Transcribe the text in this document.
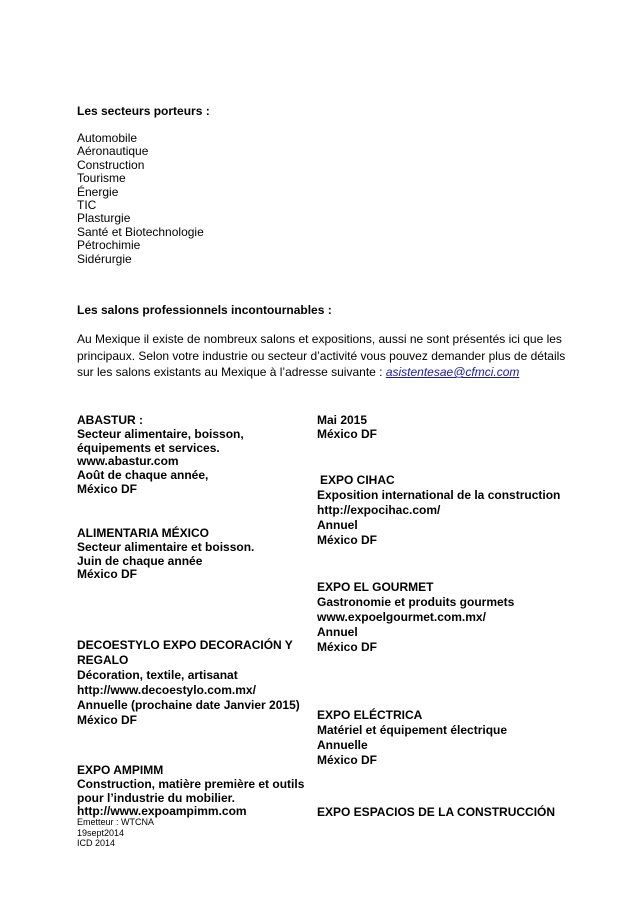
Les secteurs porteurs :
Automobile
Aéronautique
Construction
Tourisme
Énergie
TIC
Plasturgie
Santé et Biotechnologie
Pétrochimie
Sidérurgie
Les salons professionnels incontournables :
Au Mexique il existe de nombreux salons et expositions, aussi ne sont présentés ici que les principaux. Selon votre industrie ou secteur d’activité vous pouvez demander plus de détails sur les salons existants au Mexique à l’adresse suivante : asistentesae@cfmci.com
ABASTUR :
Secteur alimentaire, boisson, équipements et services.
www.abastur.com
Août de chaque année,
México DF
ALIMENTARIA MÉXICO
Secteur alimentaire et boisson.
Juin de chaque année
México DF
DECOESTYLO EXPO DECORACIÓN Y REGALO
Décoration, textile, artisanat
http://www.decoestylo.com.mx/
Annuelle (prochaine date Janvier 2015)
México DF
EXPO AMPIMM
Construction, matière première et outils pour l’industrie du mobilier.
http://www.expoampimm.com
Mai 2015
México DF
EXPO CIHAC
Exposition international de la construction
http://expocihac.com/
Annuel
México DF
EXPO EL GOURMET
Gastronomie et produits gourmets
www.expoelgourmet.com.mx/
Annuel
México DF
EXPO ELÉCTRICA
Matériel et équipement électrique
Annuelle
México DF
EXPO ESPACIOS DE LA CONSTRUCCIÓN
Emetteur : WTCNA
19sept2014
ICD 2014
